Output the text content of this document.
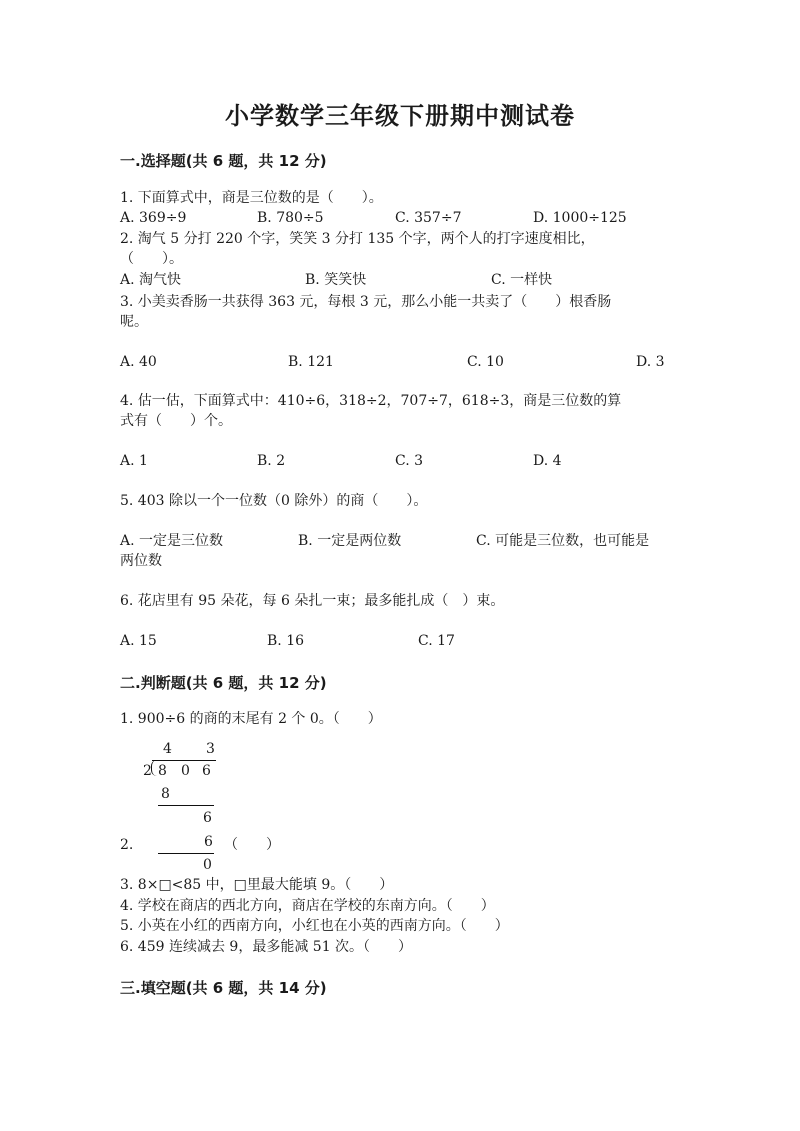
小学数学三年级下册期中测试卷
一.选择题(共 6 题，共 12 分)
1. 下面算式中，商是三位数的是（　　）。
A. 369÷9	B. 780÷5	C. 357÷7	D. 1000÷125
2. 淘气 5 分打 220 个字，笑笑 3 分打 135 个字，两个人的打字速度相比，
（　　）。
A. 淘气快	B. 笑笑快	C. 一样快
3. 小美卖香肠一共获得 363 元，每根 3 元，那么小能一共卖了（　　）根香肠
呢。
A. 40	B. 121	C. 10	D. 3
4. 估一估，下面算式中：410÷6，318÷2，707÷7，618÷3，商是三位数的算
式有（　　）个。
A. 1	B. 2	C. 3	D. 4
5. 403 除以一个一位数（0 除外）的商（　　）。
A. 一定是三位数	B. 一定是两位数	C. 可能是三位数，也可能是
两位数
6. 花店里有 95 朵花，每 6 朵扎一束；最多能扎成（　）束。
A. 15	B. 16	C. 17
二.判断题(共 6 题，共 12 分)
1. 900÷6 的商的末尾有 2 个 0。（　　）
4 3
2 8 0 6
8
6
6
0
2.	（　　）
3. 8×□<85 中，□里最大能填 9。（　　）
4. 学校在商店的西北方向，商店在学校的东南方向。（　　）
5. 小英在小红的西南方向，小红也在小英的西南方向。（　　）
6. 459 连续减去 9，最多能减 51 次。（　　）
三.填空题(共 6 题，共 14 分)
